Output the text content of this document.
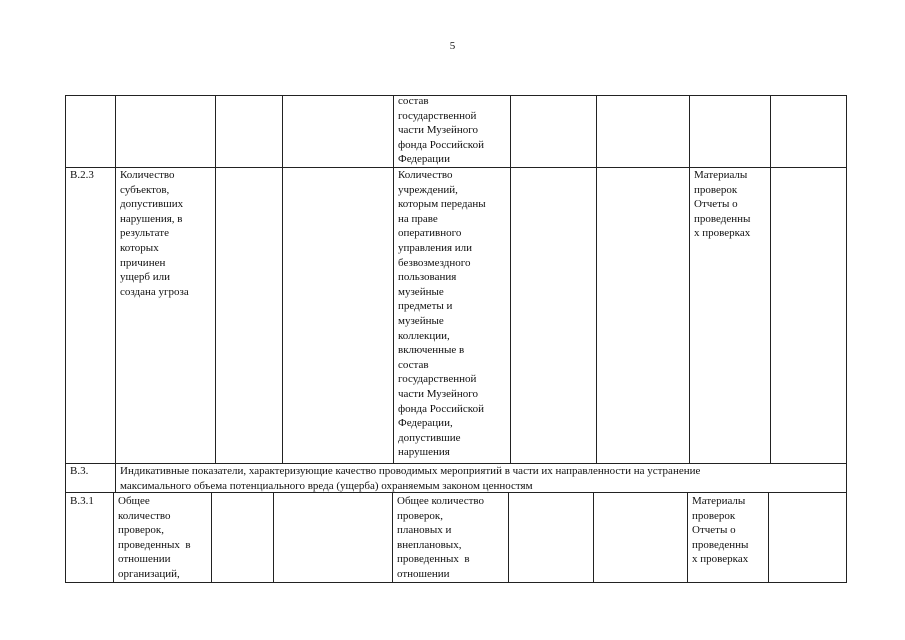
5
состав
государственной
части Музейного
фонда Российской
Федерации
В.2.3 Количество
субъектов,
допустивших
нарушения, в
результате
которых
причинен
ущерб или
создана угроза
Количество
учреждений,
которым переданы
на праве
оперативного
управления или
безвозмездного
пользования
музейные
предметы и
музейные
коллекции,
включенные в
состав
государственной
части Музейного
фонда Российской
Федерации,
допустившие
нарушения
Материалы
проверок
Отчеты о
проведенны
х проверках
В.3.	Индикативные показатели, характеризующие качество проводимых мероприятий в части их направленности на устранение
максимального объема потенциального вреда (ущерба) охраняемым законом ценностям
В.3.1 Общее
количество
проверок,
проведенных  в
отношении
организаций,
Общее количество
проверок,
плановых и
внеплановых,
проведенных  в
отношении
Материалы
проверок
Отчеты о
проведенны
х проверках
